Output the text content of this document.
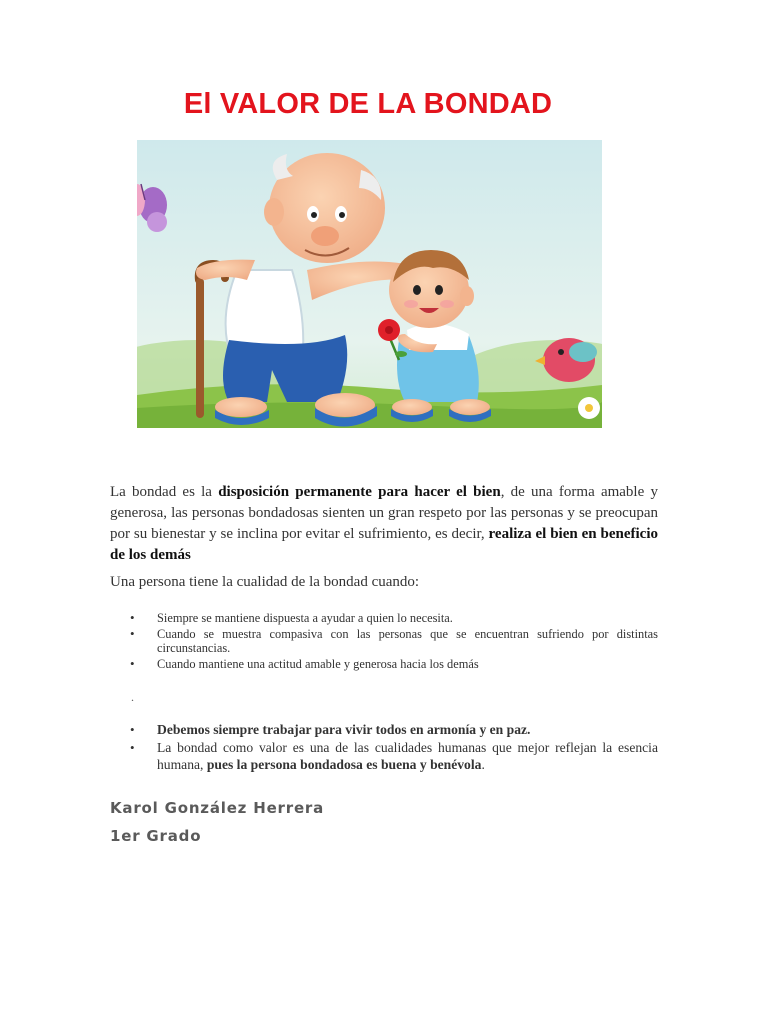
El VALOR DE LA BONDAD
La bondad es la disposición permanente para hacer el bien, de una forma amable y generosa, las personas bondadosas sienten un gran respeto por las personas y se preocupan por su bienestar y se inclina por evitar el sufrimiento, es decir, realiza el bien en beneficio de los demás
Una persona tiene la cualidad de la bondad cuando:
• Siempre se mantiene dispuesta a ayudar a quien lo necesita.
• Cuando se muestra compasiva con las personas que se encuentran sufriendo por distintas circunstancias.
• Cuando mantiene una actitud amable y generosa hacia los demás
.
• Debemos siempre trabajar para vivir todos en armonía y en paz.
• La bondad como valor es una de las cualidades humanas que mejor reflejan la esencia humana, pues la persona bondadosa es buena y benévola.
Karol González Herrera
1er Grado
